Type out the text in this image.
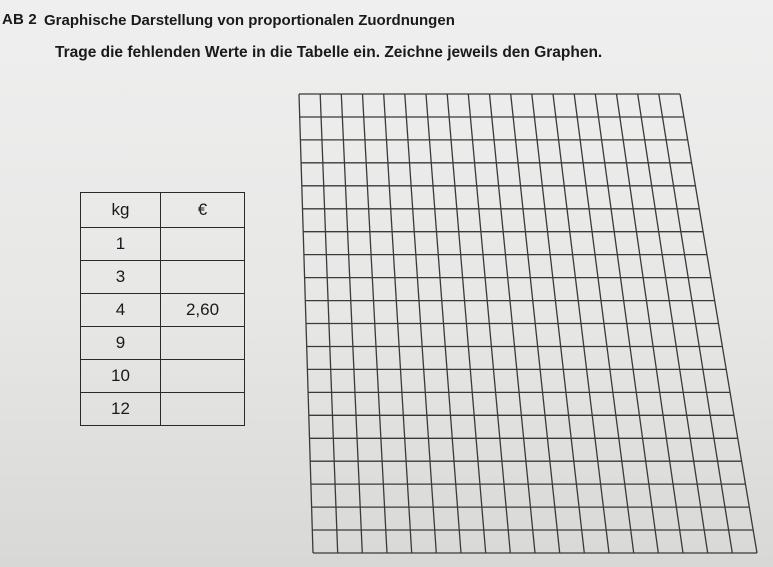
AB 2 Graphische Darstellung von proportionalen Zuordnungen
Trage die fehlenden Werte in die Tabelle ein. Zeichne jeweils den Graphen.
kg	€
1	
3	
4	2,60
9	
10	
12	
